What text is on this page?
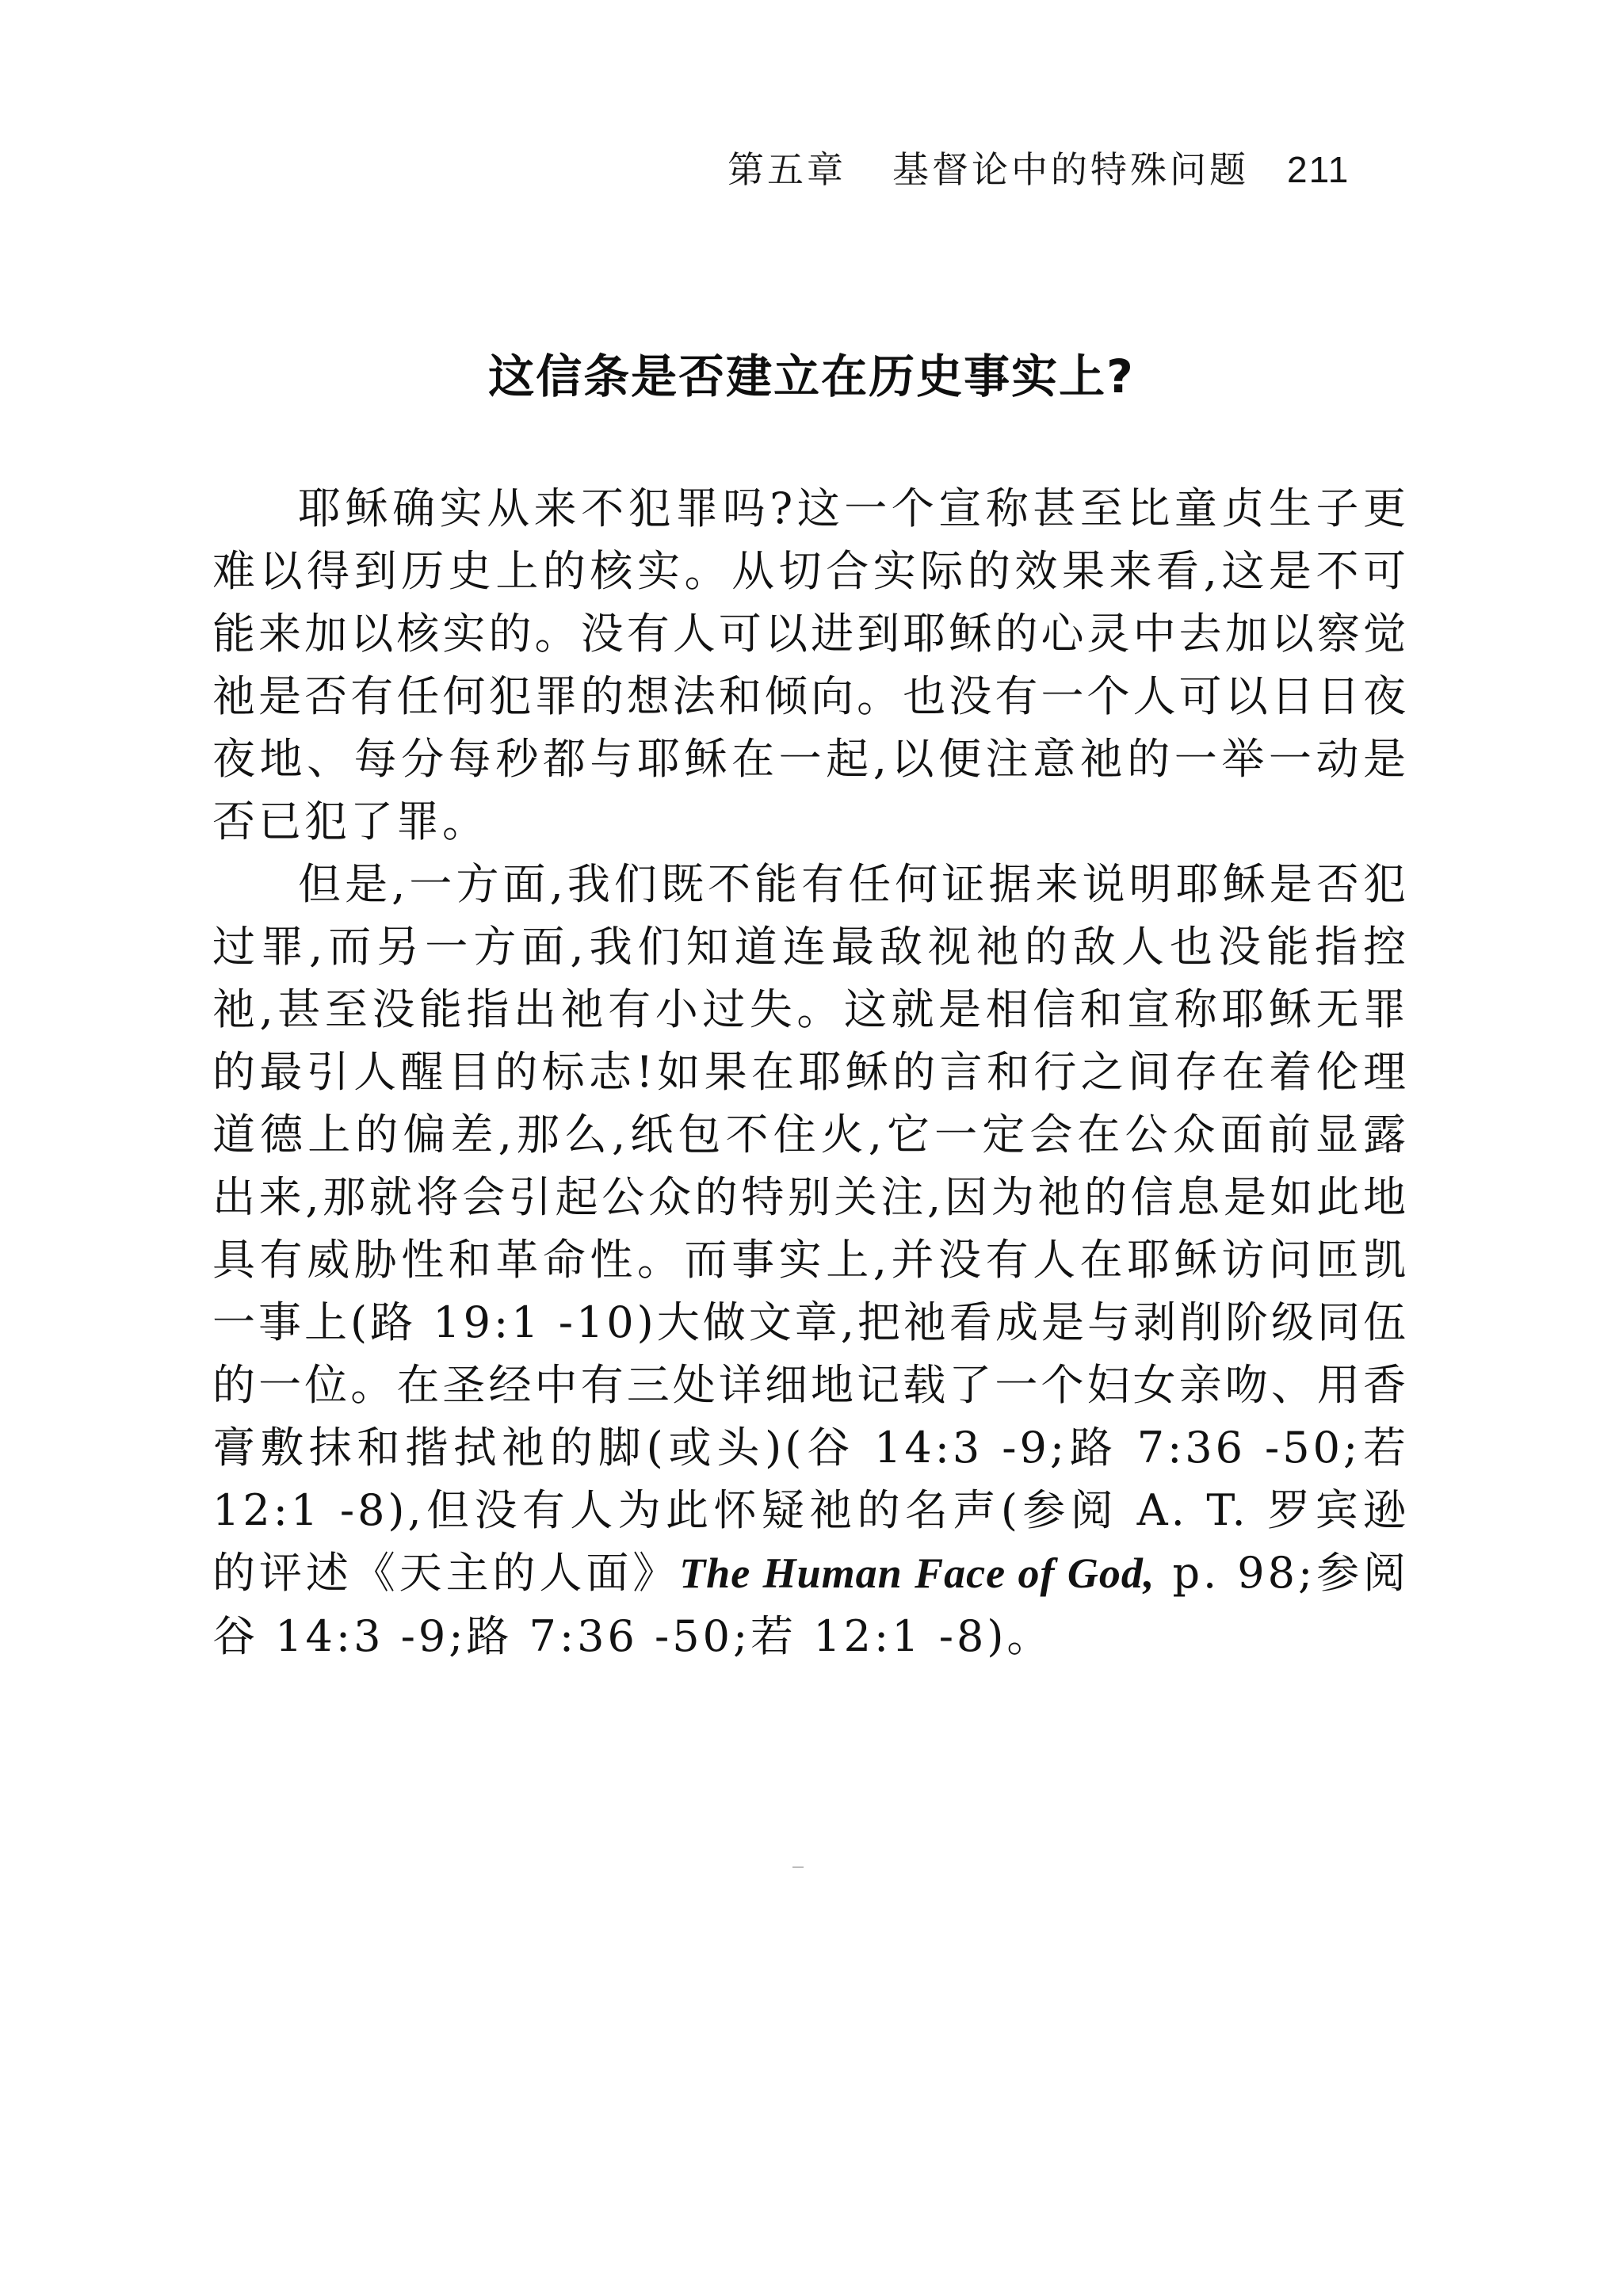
第五章 基督论中的特殊问题 211
这信条是否建立在历史事实上?

耶稣确实从来不犯罪吗?这一个宣称甚至比童贞生子更难以得到历史上的核实。从切合实际的效果来看,这是不可能来加以核实的。没有人可以进到耶稣的心灵中去加以察觉祂是否有任何犯罪的想法和倾向。也没有一个人可以日日夜夜地、每分每秒都与耶稣在一起,以便注意祂的一举一动是否已犯了罪。

但是,一方面,我们既不能有任何证据来说明耶稣是否犯过罪,而另一方面,我们知道连最敌视祂的敌人也没能指控祂,甚至没能指出祂有小过失。这就是相信和宣称耶稣无罪的最引人醒目的标志!如果在耶稣的言和行之间存在着伦理道德上的偏差,那么,纸包不住火,它一定会在公众面前显露出来,那就将会引起公众的特别关注,因为祂的信息是如此地具有威胁性和革命性。而事实上,并没有人在耶稣访问匝凯一事上(路 19:1 -10)大做文章,把祂看成是与剥削阶级同伍的一位。在圣经中有三处详细地记载了一个妇女亲吻、用香膏敷抹和揩拭祂的脚(或头)(谷 14:3 -9;路 7:36 -50;若 12:1 -8),但没有人为此怀疑祂的名声(参阅 A. T. 罗宾逊的评述《天主的人面》The Human Face of God, p. 98;参阅谷 14:3 -9;路 7:36 -50;若 12:1 -8)。
